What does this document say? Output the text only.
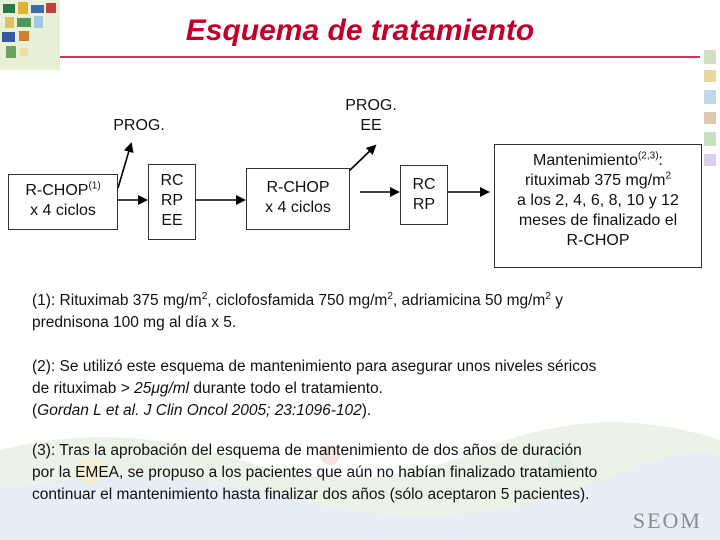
Esquema de tratamiento
PROG.
PROG.
EE
R-CHOP$^{(1)}$
x 4 ciclos
RC
RP
EE
R-CHOP
x 4 ciclos
RC
RP
Mantenimiento$^{(2,3)}$:
rituximab 375 $mg/m^2$
a los 2, 4, 6, 8, 10 y 12
meses de finalizado el
R-CHOP
(1): Rituximab 375 $mg/m^2$, ciclofosfamida 750 $mg/m^2$, adriamicina 50 $mg/m^2$ y
prednisona 100 mg al día x 5.
(2): Se utilizó este esquema de mantenimiento para asegurar unos niveles séricos
de rituximab > 25μg/ml durante todo el tratamiento.
(Gordan L et al. J Clin Oncol 2005; 23:1096-102).
(3): Tras la aprobación del esquema de mantenimiento de dos años de duración
por la EMEA, se propuso a los pacientes que aún no habían finalizado tratamiento
continuar el mantenimiento hasta finalizar dos años (sólo aceptaron 5 pacientes).
SEOM
